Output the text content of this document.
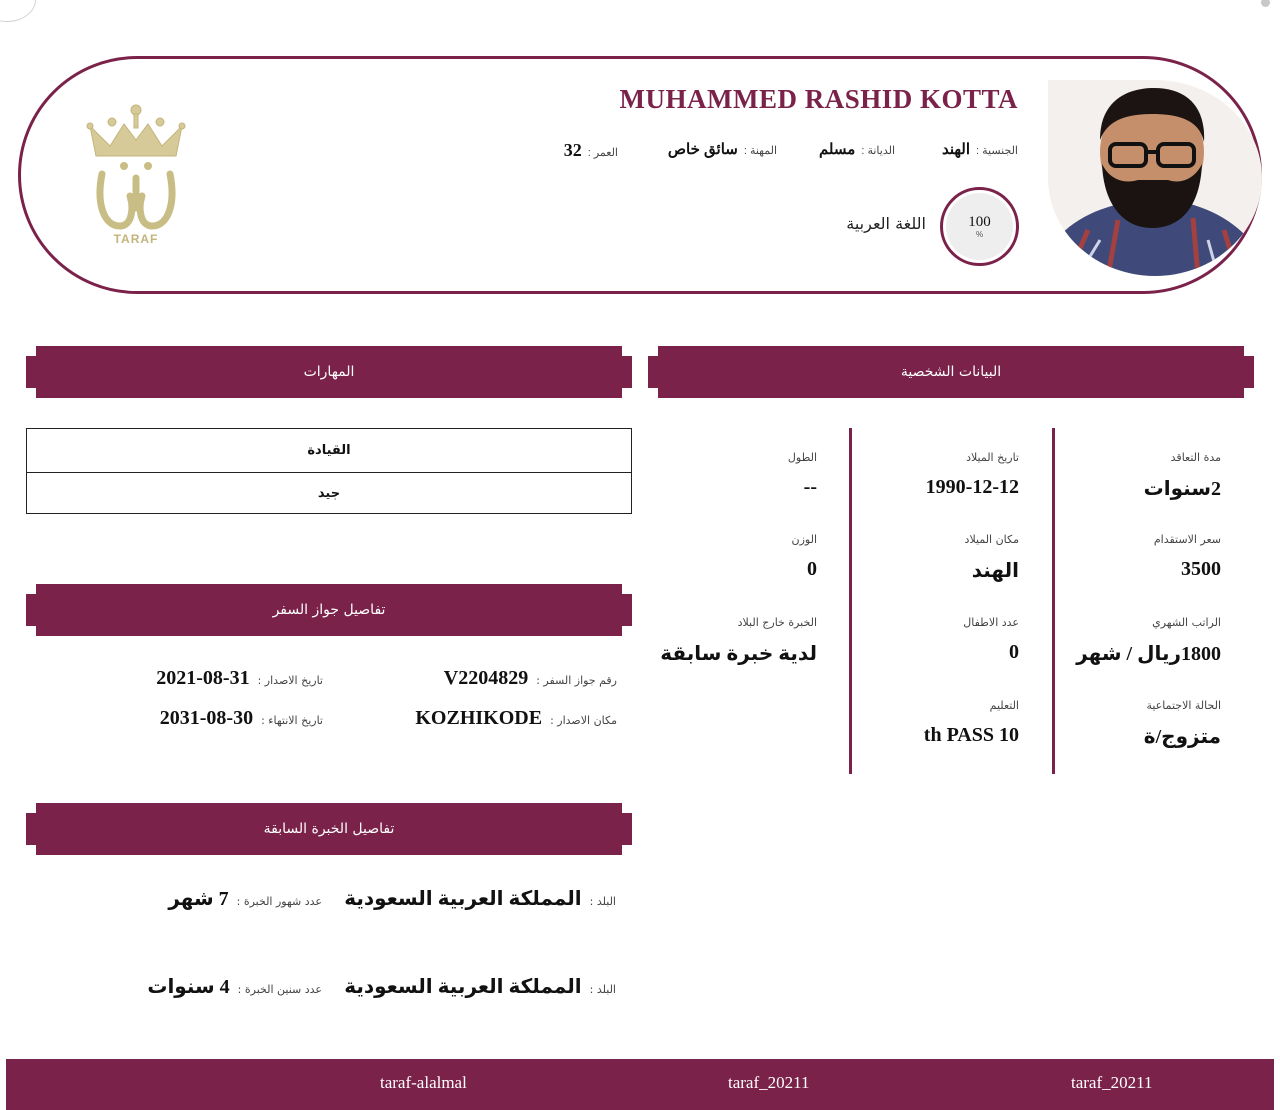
TARAF
MUHAMMED RASHID KOTTA
الجنسية :
الهند
الديانة :
مسلم
المهنة :
سائق خاص
العمر :
32
100
%
اللغة العربية
المهارات	البيانات الشخصية
تفاصيل جواز السفر
تفاصيل الخبرة السابقة
القيادة
جيد
مدة التعاقد
2سنوات
سعر الاستقدام
3500
الراتب الشهري
1800ريال / شهر
الحالة الاجتماعية
متزوج/ة
تاريخ الميلاد
1990-12-12
مكان الميلاد
الهند
عدد الاطفال
0
التعليم
th PASS 10
الطول
--
الوزن
0
الخبرة خارج البلاد
لدية خبرة سابقة
رقم جواز السفر :
V2204829
تاريخ الاصدار :
2021-08-31
مكان الاصدار :
KOZHIKODE
تاريخ الانتهاء :
2031-08-30
البلد :
المملكة العربية السعودية
عدد شهور الخبرة :
7 شهر
البلد :
المملكة العربية السعودية
عدد سنين الخبرة :
4 سنوات
taraf-alalmal	taraf_20211	taraf_20211
